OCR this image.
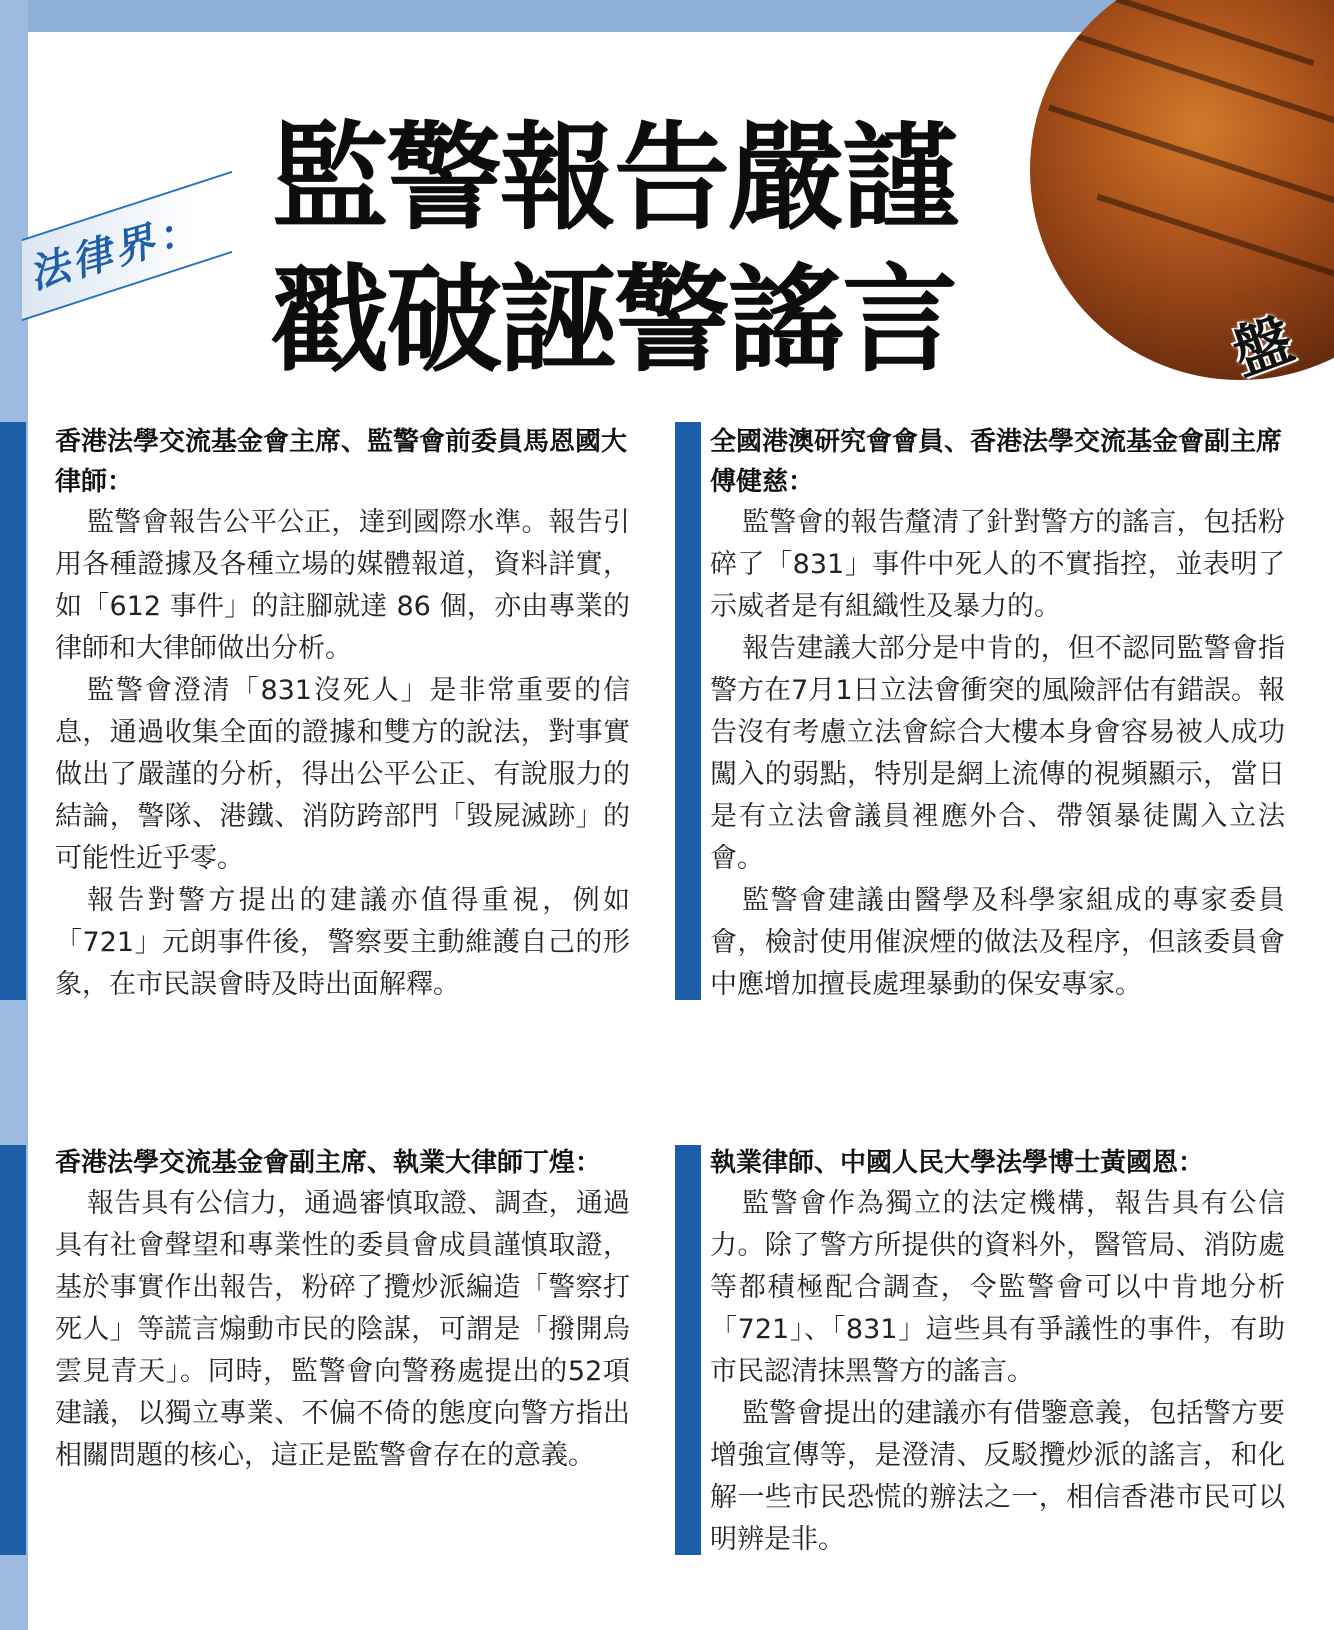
盤
法律界：
監警報告嚴謹
戳破誣警謠言

香港法學交流基金會主席、監警會前委員馬恩國大律師：

監警會報告公平公正，達到國際水準。報告引用各種證據及各種立場的媒體報道，資料詳實，如「612 事件」的註腳就達 86 個，亦由專業的律師和大律師做出分析。

監警會澄清「831沒死人」是非常重要的信息，通過收集全面的證據和雙方的說法，對事實做出了嚴謹的分析，得出公平公正、有說服力的結論，警隊、港鐵、消防跨部門「毀屍滅跡」的可能性近乎零。

報告對警方提出的建議亦值得重視，例如「721」元朗事件後，警察要主動維護自己的形象，在市民誤會時及時出面解釋。

全國港澳研究會會員、香港法學交流基金會副主席傅健慈：

監警會的報告釐清了針對警方的謠言，包括粉碎了「831」事件中死人的不實指控，並表明了示威者是有組織性及暴力的。

報告建議大部分是中肯的，但不認同監警會指警方在7月1日立法會衝突的風險評估有錯誤。報告沒有考慮立法會綜合大樓本身會容易被人成功闖入的弱點，特別是網上流傳的視頻顯示，當日是有立法會議員裡應外合、帶領暴徒闖入立法會。

監警會建議由醫學及科學家組成的專家委員會，檢討使用催淚煙的做法及程序，但該委員會中應增加擅長處理暴動的保安專家。

香港法學交流基金會副主席、執業大律師丁煌：

報告具有公信力，通過審慎取證、調查，通過具有社會聲望和專業性的委員會成員謹慎取證，基於事實作出報告，粉碎了攬炒派編造「警察打死人」等謊言煽動市民的陰謀，可謂是「撥開烏雲見青天」。同時，監警會向警務處提出的52項建議，以獨立專業、不偏不倚的態度向警方指出相關問題的核心，這正是監警會存在的意義。

執業律師、中國人民大學法學博士黃國恩：

監警會作為獨立的法定機構，報告具有公信力。除了警方所提供的資料外，醫管局、消防處等都積極配合調查，令監警會可以中肯地分析「721」、「831」這些具有爭議性的事件，有助市民認清抹黑警方的謠言。

監警會提出的建議亦有借鑒意義，包括警方要增強宣傳等，是澄清、反駁攬炒派的謠言，和化解一些市民恐慌的辦法之一，相信香港市民可以明辨是非。
